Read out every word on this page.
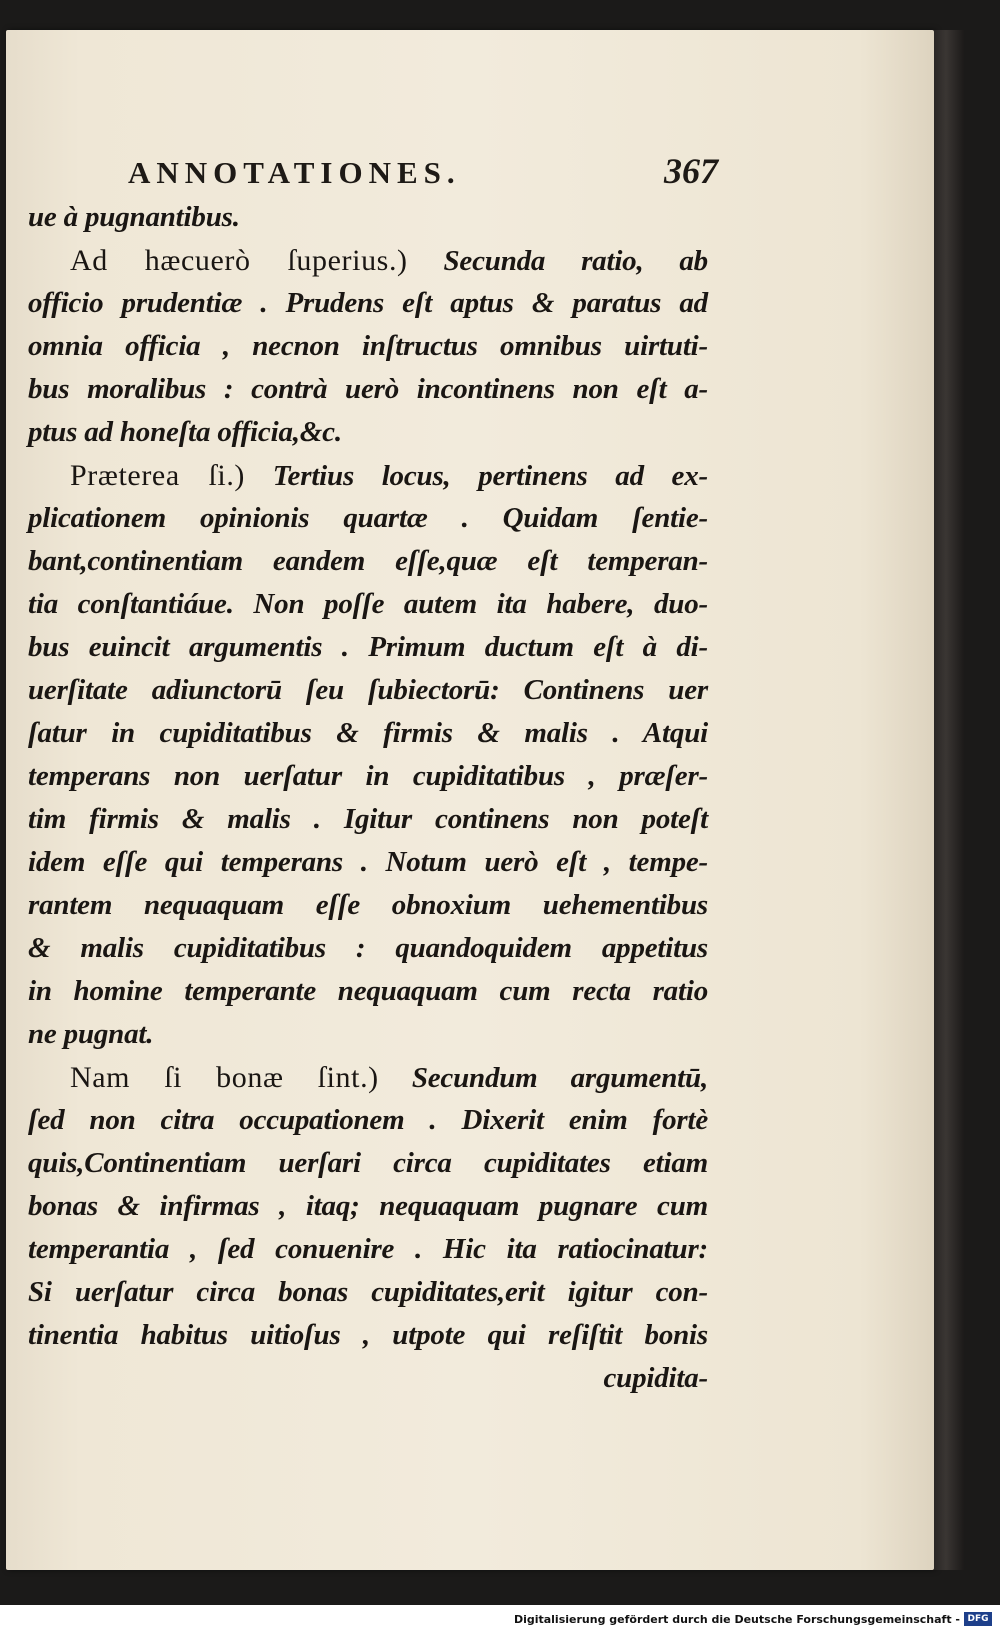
ANNOTATIONES.	367
ue à pugnantibus.
Ad hæcuerò ſuperius.) Secunda ratio, ab
officio prudentiæ . Prudens eſt aptus & paratus ad
omnia officia , necnon inſtructus omnibus uirtuti-
bus moralibus : contrà uerò incontinens non eſt a-
ptus ad honeſta officia,&c.
Præterea ſi.) Tertius locus, pertinens ad ex-
plicationem opinionis quartæ . Quidam ſentie-
bant,continentiam eandem eſſe,quæ eſt temperan-
tia conſtantiáue. Non poſſe autem ita habere, duo-
bus euincit argumentis . Primum ductum eſt à di-
uerſitate adiunctorū ſeu ſubiectorū: Continens uer
ſatur in cupiditatibus & firmis & malis . Atqui
temperans non uerſatur in cupiditatibus , præſer-
tim firmis & malis . Igitur continens non poteſt
idem eſſe qui temperans . Notum uerò eſt , tempe-
rantem nequaquam eſſe obnoxium uehementibus
& malis cupiditatibus : quandoquidem appetitus
in homine temperante nequaquam cum recta ratio
ne pugnat.
Nam ſi bonæ ſint.) Secundum argumentū,
ſed non citra occupationem . Dixerit enim fortè
quis,Continentiam uerſari circa cupiditates etiam
bonas & infirmas , itaq; nequaquam pugnare cum
temperantia , ſed conuenire . Hic ita ratiocinatur:
Si uerſatur circa bonas cupiditates,erit igitur con-
tinentia habitus uitioſus , utpote qui reſiſtit bonis
cupidita-
Digitalisierung gefördert durch die Deutsche Forschungsgemeinschaft - DFG
